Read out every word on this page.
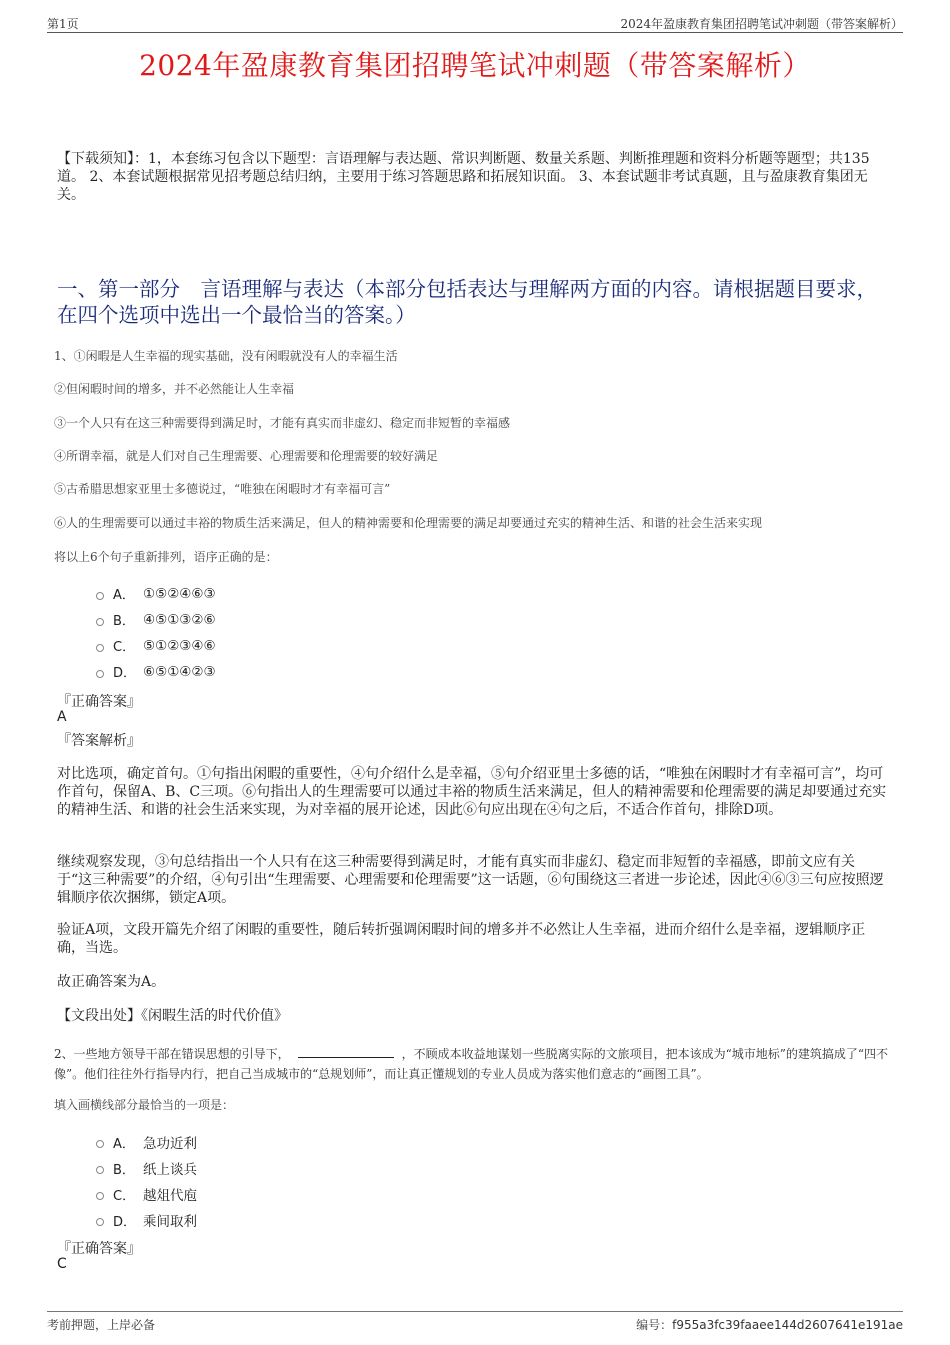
第1页	2024年盈康教育集团招聘笔试冲刺题（带答案解析）
2024年盈康教育集团招聘笔试冲刺题（带答案解析）
【下载须知】：1，本套练习包含以下题型：言语理解与表达题、常识判断题、数量关系题、判断推理题和资料分析题等题型；共135道。 2、本套试题根据常见招考题总结归纳，主要用于练习答题思路和拓展知识面。 3、本套试题非考试真题，且与盈康教育集团无关。
一、第一部分　言语理解与表达（本部分包括表达与理解两方面的内容。请根据题目要求，在四个选项中选出一个最恰当的答案。）
1、①闲暇是人生幸福的现实基础，没有闲暇就没有人的幸福生活
②但闲暇时间的增多，并不必然能让人生幸福
③一个人只有在这三种需要得到满足时，才能有真实而非虚幻、稳定而非短暂的幸福感
④所谓幸福，就是人们对自己生理需要、心理需要和伦理需要的较好满足
⑤古希腊思想家亚里士多德说过，“唯独在闲暇时才有幸福可言”
⑥人的生理需要可以通过丰裕的物质生活来满足，但人的精神需要和伦理需要的满足却要通过充实的精神生活、和谐的社会生活来实现
将以上6个句子重新排列，语序正确的是：
A． ①⑤②④⑥③
B． ④⑤①③②⑥
C． ⑤①②③④⑥
D． ⑥⑤①④②③
『正确答案』
A
『答案解析』
对比选项，确定首句。①句指出闲暇的重要性，④句介绍什么是幸福，⑤句介绍亚里士多德的话，“唯独在闲暇时才有幸福可言”，均可作首句，保留A、B、C三项。⑥句指出人的生理需要可以通过丰裕的物质生活来满足，但人的精神需要和伦理需要的满足却要通过充实的精神生活、和谐的社会生活来实现，为对幸福的展开论述，因此⑥句应出现在④句之后，不适合作首句，排除D项。
继续观察发现，③句总结指出一个人只有在这三种需要得到满足时，才能有真实而非虚幻、稳定而非短暂的幸福感，即前文应有关于“这三种需要”的介绍，④句引出“生理需要、心理需要和伦理需要”这一话题，⑥句围绕这三者进一步论述，因此④⑥③三句应按照逻辑顺序依次捆绑，锁定A项。
验证A项，文段开篇先介绍了闲暇的重要性，随后转折强调闲暇时间的增多并不必然让人生幸福，进而介绍什么是幸福，逻辑顺序正确，当选。
故正确答案为A。
【文段出处】《闲暇生活的时代价值》
2、一些地方领导干部在错误思想的引导下，	，不顾成本收益地谋划一些脱离实际的文旅项目，把本该成为“城市地标”的建筑搞成了“四不像”。他们往往外行指导内行，把自己当成城市的“总规划师”，而让真正懂规划的专业人员成为落实他们意志的“画图工具”。
填入画横线部分最恰当的一项是：
A． 急功近利
B． 纸上谈兵
C． 越俎代庖
D． 乘间取利
『正确答案』
C
考前押题，上岸必备	编号：f955a3fc39faaee144d2607641e191ae
